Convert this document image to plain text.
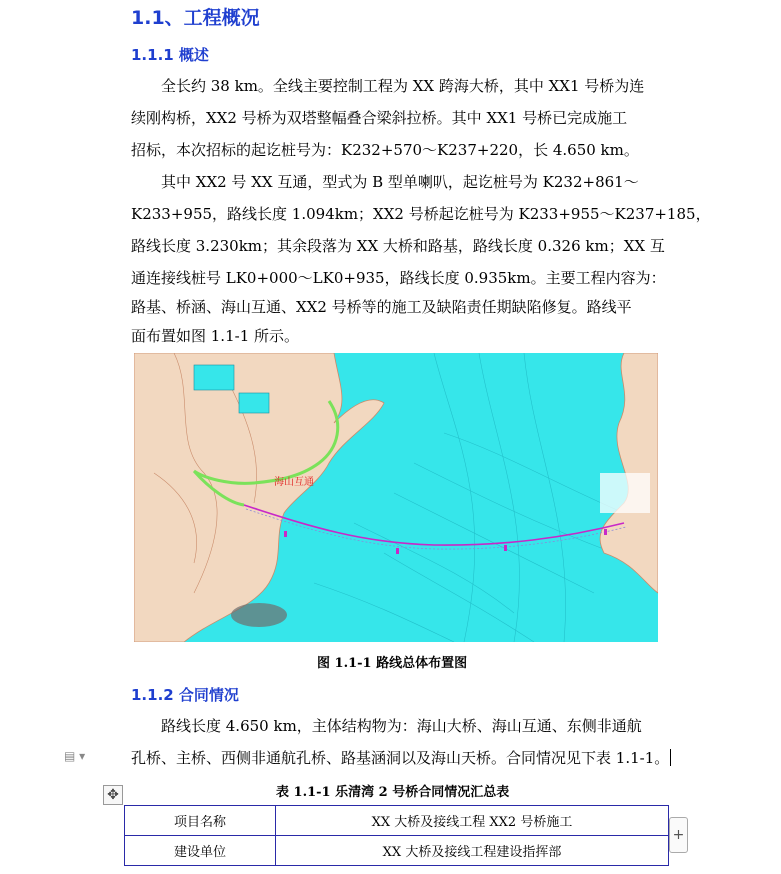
1.1、工程概况
1.1.1 概述
　　全长约 38 km。全线主要控制工程为 XX 跨海大桥，其中 XX1 号桥为连
续刚构桥，XX2 号桥为双塔整幅叠合梁斜拉桥。其中 XX1 号桥已完成施工
招标，本次招标的起讫桩号为：K232+570～K237+220，长 4.650 km。
　　其中 XX2 号 XX 互通，型式为 B 型单喇叭，起讫桩号为 K232+861～
K233+955，路线长度 1.094km；XX2 号桥起讫桩号为 K233+955～K237+185，
路线长度 3.230km；其余段落为 XX 大桥和路基，路线长度 0.326 km；XX 互
通连接线桩号 LK0+000～LK0+935，路线长度 0.935km。主要工程内容为：
路基、桥涵、海山互通、XX2 号桥等的施工及缺陷责任期缺陷修复。路线平
面布置如图 1.1-1 所示。
海山互通
图 1.1-1 路线总体布置图
1.1.2 合同情况
　　路线长度 4.650 km，主体结构物为：海山大桥、海山互通、东侧非通航
孔桥、主桥、西侧非通航孔桥、路基涵洞以及海山天桥。合同情况见下表 1.1-1。
▤ ▾
表 1.1-1 乐清湾 2 号桥合同情况汇总表
✥
项目名称	XX 大桥及接线工程 XX2 号桥施工
建设单位	XX 大桥及接线工程建设指挥部
+
